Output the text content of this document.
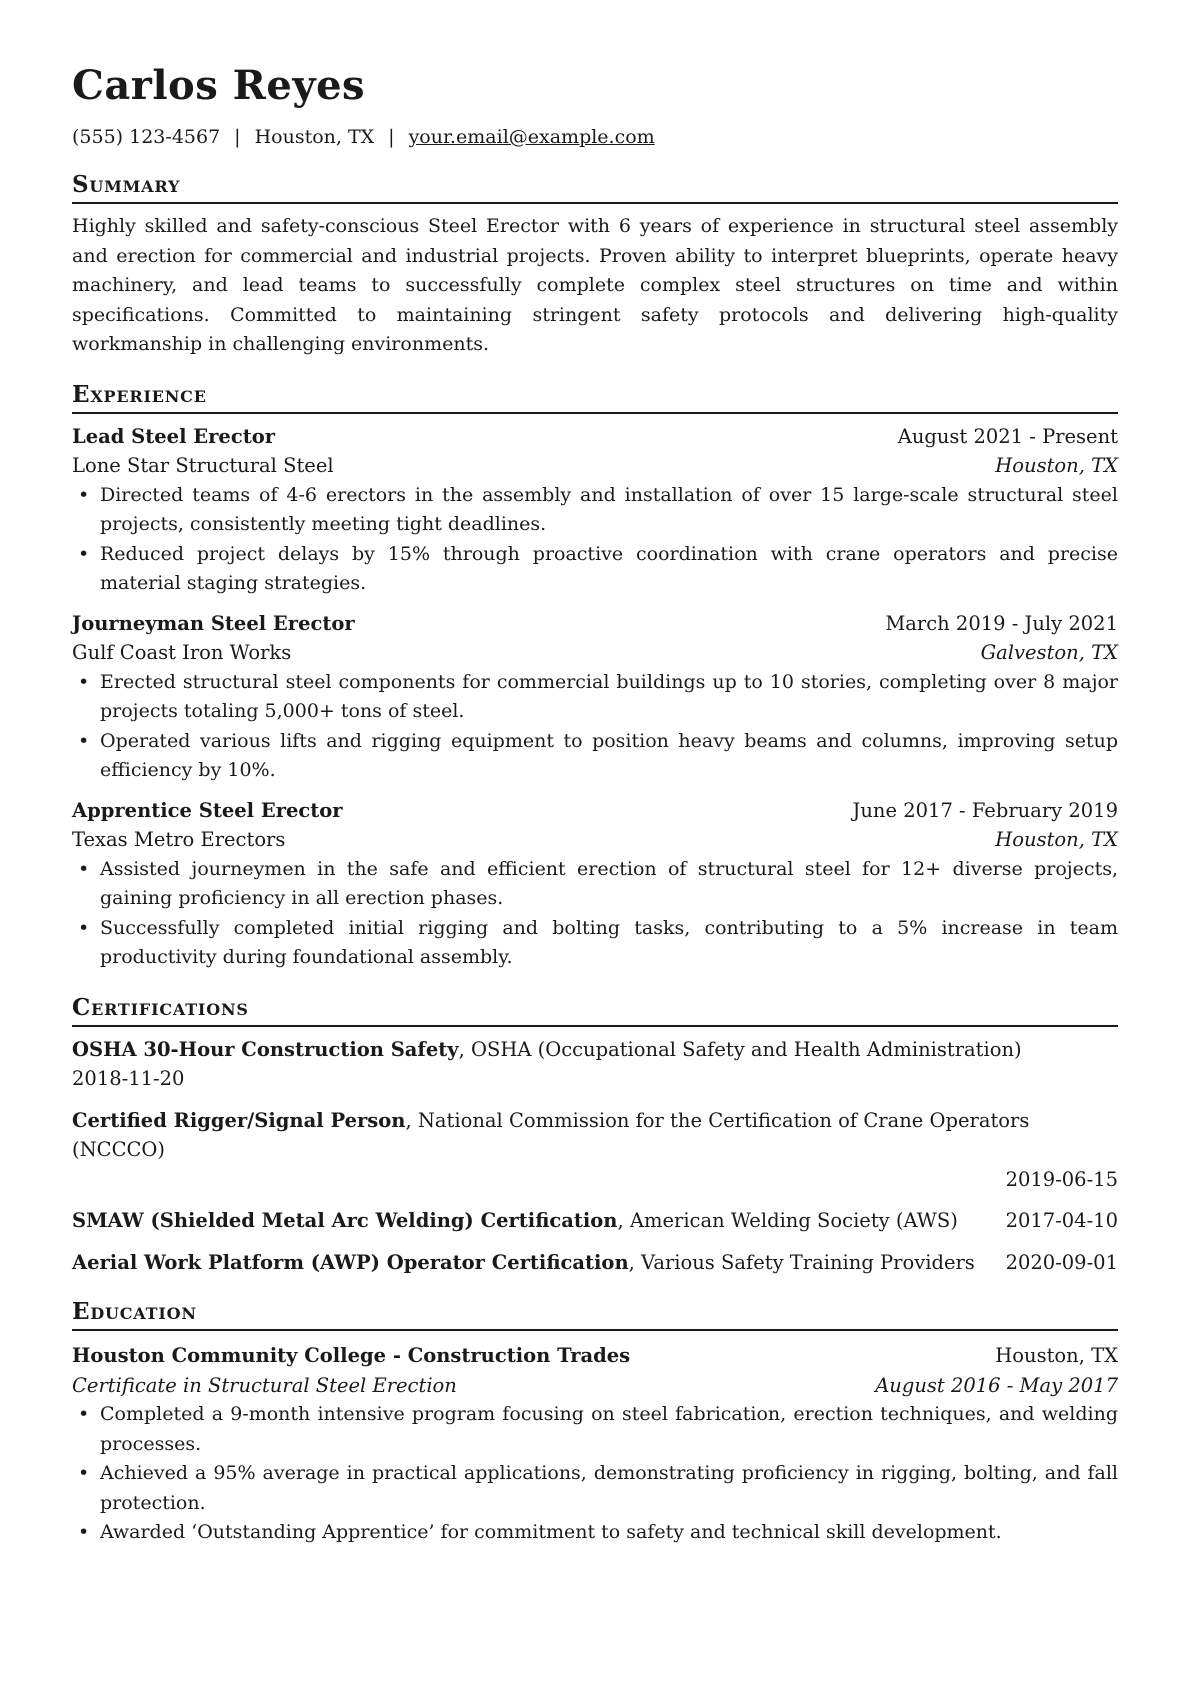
Carlos Reyes
(555) 123-4567 | Houston, TX | your.email@example.com
Summary
Highly skilled and safety-conscious Steel Erector with 6 years of experience in structural steel assembly and erection for commercial and industrial projects. Proven ability to interpret blueprints, operate heavy machinery, and lead teams to successfully complete complex steel structures on time and within specifications. Committed to maintaining stringent safety protocols and delivering high-quality workmanship in challenging environments.
Experience
Lead Steel Erector	August 2021 - Present
Lone Star Structural Steel	Houston, TX
• Directed teams of 4-6 erectors in the assembly and installation of over 15 large-scale structural steel projects, consistently meeting tight deadlines.
• Reduced project delays by 15% through proactive coordination with crane operators and precise material staging strategies.
Journeyman Steel Erector	March 2019 - July 2021
Gulf Coast Iron Works	Galveston, TX
• Erected structural steel components for commercial buildings up to 10 stories, completing over 8 major projects totaling 5,000+ tons of steel.
• Operated various lifts and rigging equipment to position heavy beams and columns, improving setup efficiency by 10%.
Apprentice Steel Erector	June 2017 - February 2019
Texas Metro Erectors	Houston, TX
• Assisted journeymen in the safe and efficient erection of structural steel for 12+ diverse projects, gaining proficiency in all erection phases.
• Successfully completed initial rigging and bolting tasks, contributing to a 5% increase in team productivity during foundational assembly.
Certifications
OSHA 30-Hour Construction Safety, OSHA (Occupational Safety and Health Administration)
2018-11-20
Certified Rigger/Signal Person, National Commission for the Certification of Crane Operators (NCCCO)
2019-06-15
SMAW (Shielded Metal Arc Welding) Certification, American Welding Society (AWS) 2017-04-10
Aerial Work Platform (AWP) Operator Certification, Various Safety Training Providers 2020-09-01
Education
Houston Community College - Construction Trades	Houston, TX
Certificate in Structural Steel Erection	August 2016 - May 2017
• Completed a 9-month intensive program focusing on steel fabrication, erection techniques, and welding processes.
• Achieved a 95% average in practical applications, demonstrating proficiency in rigging, bolting, and fall protection.
• Awarded ‘Outstanding Apprentice’ for commitment to safety and technical skill development.
